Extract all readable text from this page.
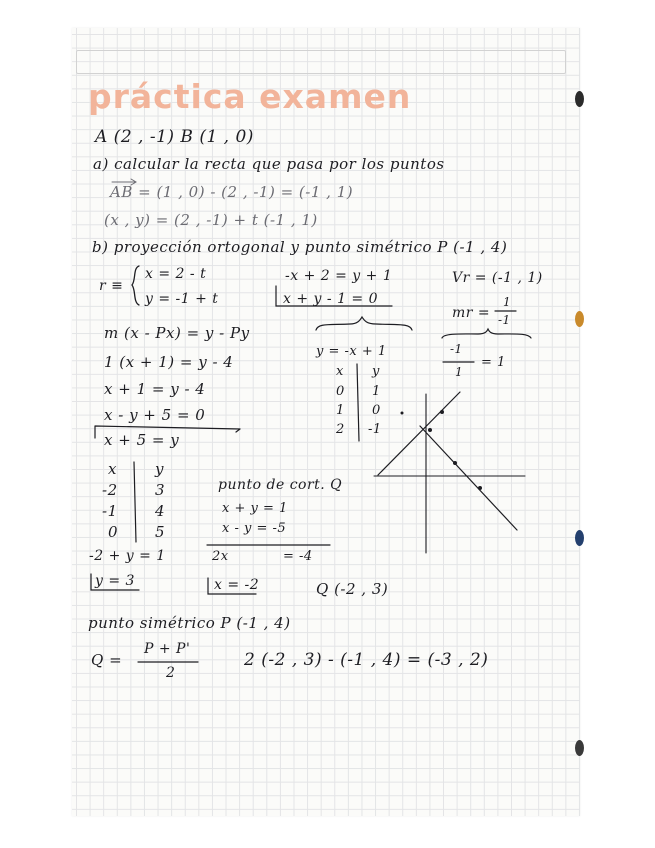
práctica examen
A (2 , -1) B (1 , 0)
a) calcular la recta que pasa por los puntos
AB = (1 , 0) - (2 , -1) = (-1 , 1)
(x , y) = (2 , -1) + t (-1 , 1)
b) proyección ortogonal y punto simétrico P (-1 , 4)
r ≡
x = 2 - t
y = -1 + t
-x + 2 = y + 1
x + y - 1 = 0
Vr = (-1 , 1)
mr =
1
-1
m (x - Px) = y - Py
1 (x + 1) = y - 4
x + 1 = y - 4
x - y + 5 = 0
x + 5 = y
y = -x + 1	-1
1
= 1
x y
0 1
1 0
2 -1
x	y
-2 3
-1 4
0 5
punto de cort. Q
x + y = 1
x - y = -5
2x	= -4
-2 + y = 1
y = 3	x = -2	Q (-2 , 3)
punto simétrico P (-1 , 4)
Q =
P + P'
2
2 (-2 , 3) - (-1 , 4) = (-3 , 2)
